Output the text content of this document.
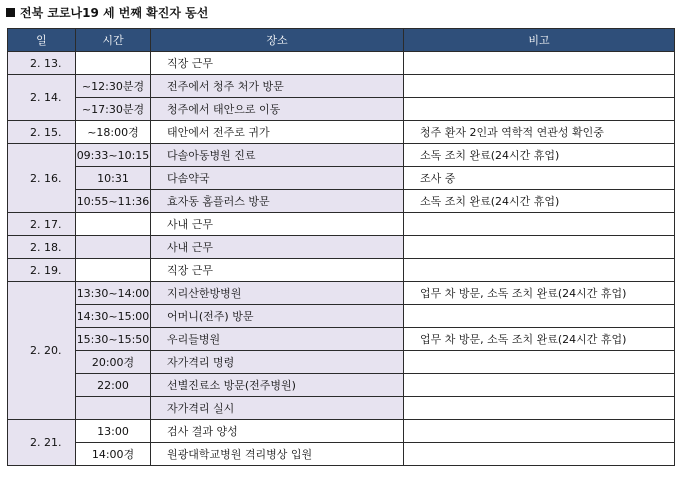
전북 코로나19 세 번째 확진자 동선
일	시간	장소	비고
2. 13.		직장 근무	
2. 14.	~12:30분경	전주에서 청주 처가 방문	
	~17:30분경	청주에서 태안으로 이동	
2. 15.	~18:00경	태안에서 전주로 귀가	청주 환자 2인과 역학적 연관성 확인중
2. 16.	09:33~10:15	다솔아동병원 진료	소독 조치 완료(24시간 휴업)
	10:31	다솜약국	조사 중
	10:55~11:36	효자동 홈플러스 방문	소독 조치 완료(24시간 휴업)
2. 17.		사내 근무	
2. 18.		사내 근무	
2. 19.		직장 근무	
2. 20.	13:30~14:00	지리산한방병원	업무 차 방문, 소독 조치 완료(24시간 휴업)
	14:30~15:00	어머니(전주) 방문	
	15:30~15:50	우리들병원	업무 차 방문, 소독 조치 완료(24시간 휴업)
	20:00경	자가격리 명령	
	22:00	선별진료소 방문(전주병원)	
		자가격리 실시	
2. 21.	13:00	검사 결과 양성	
	14:00경	원광대학교병원 격리병상 입원	
